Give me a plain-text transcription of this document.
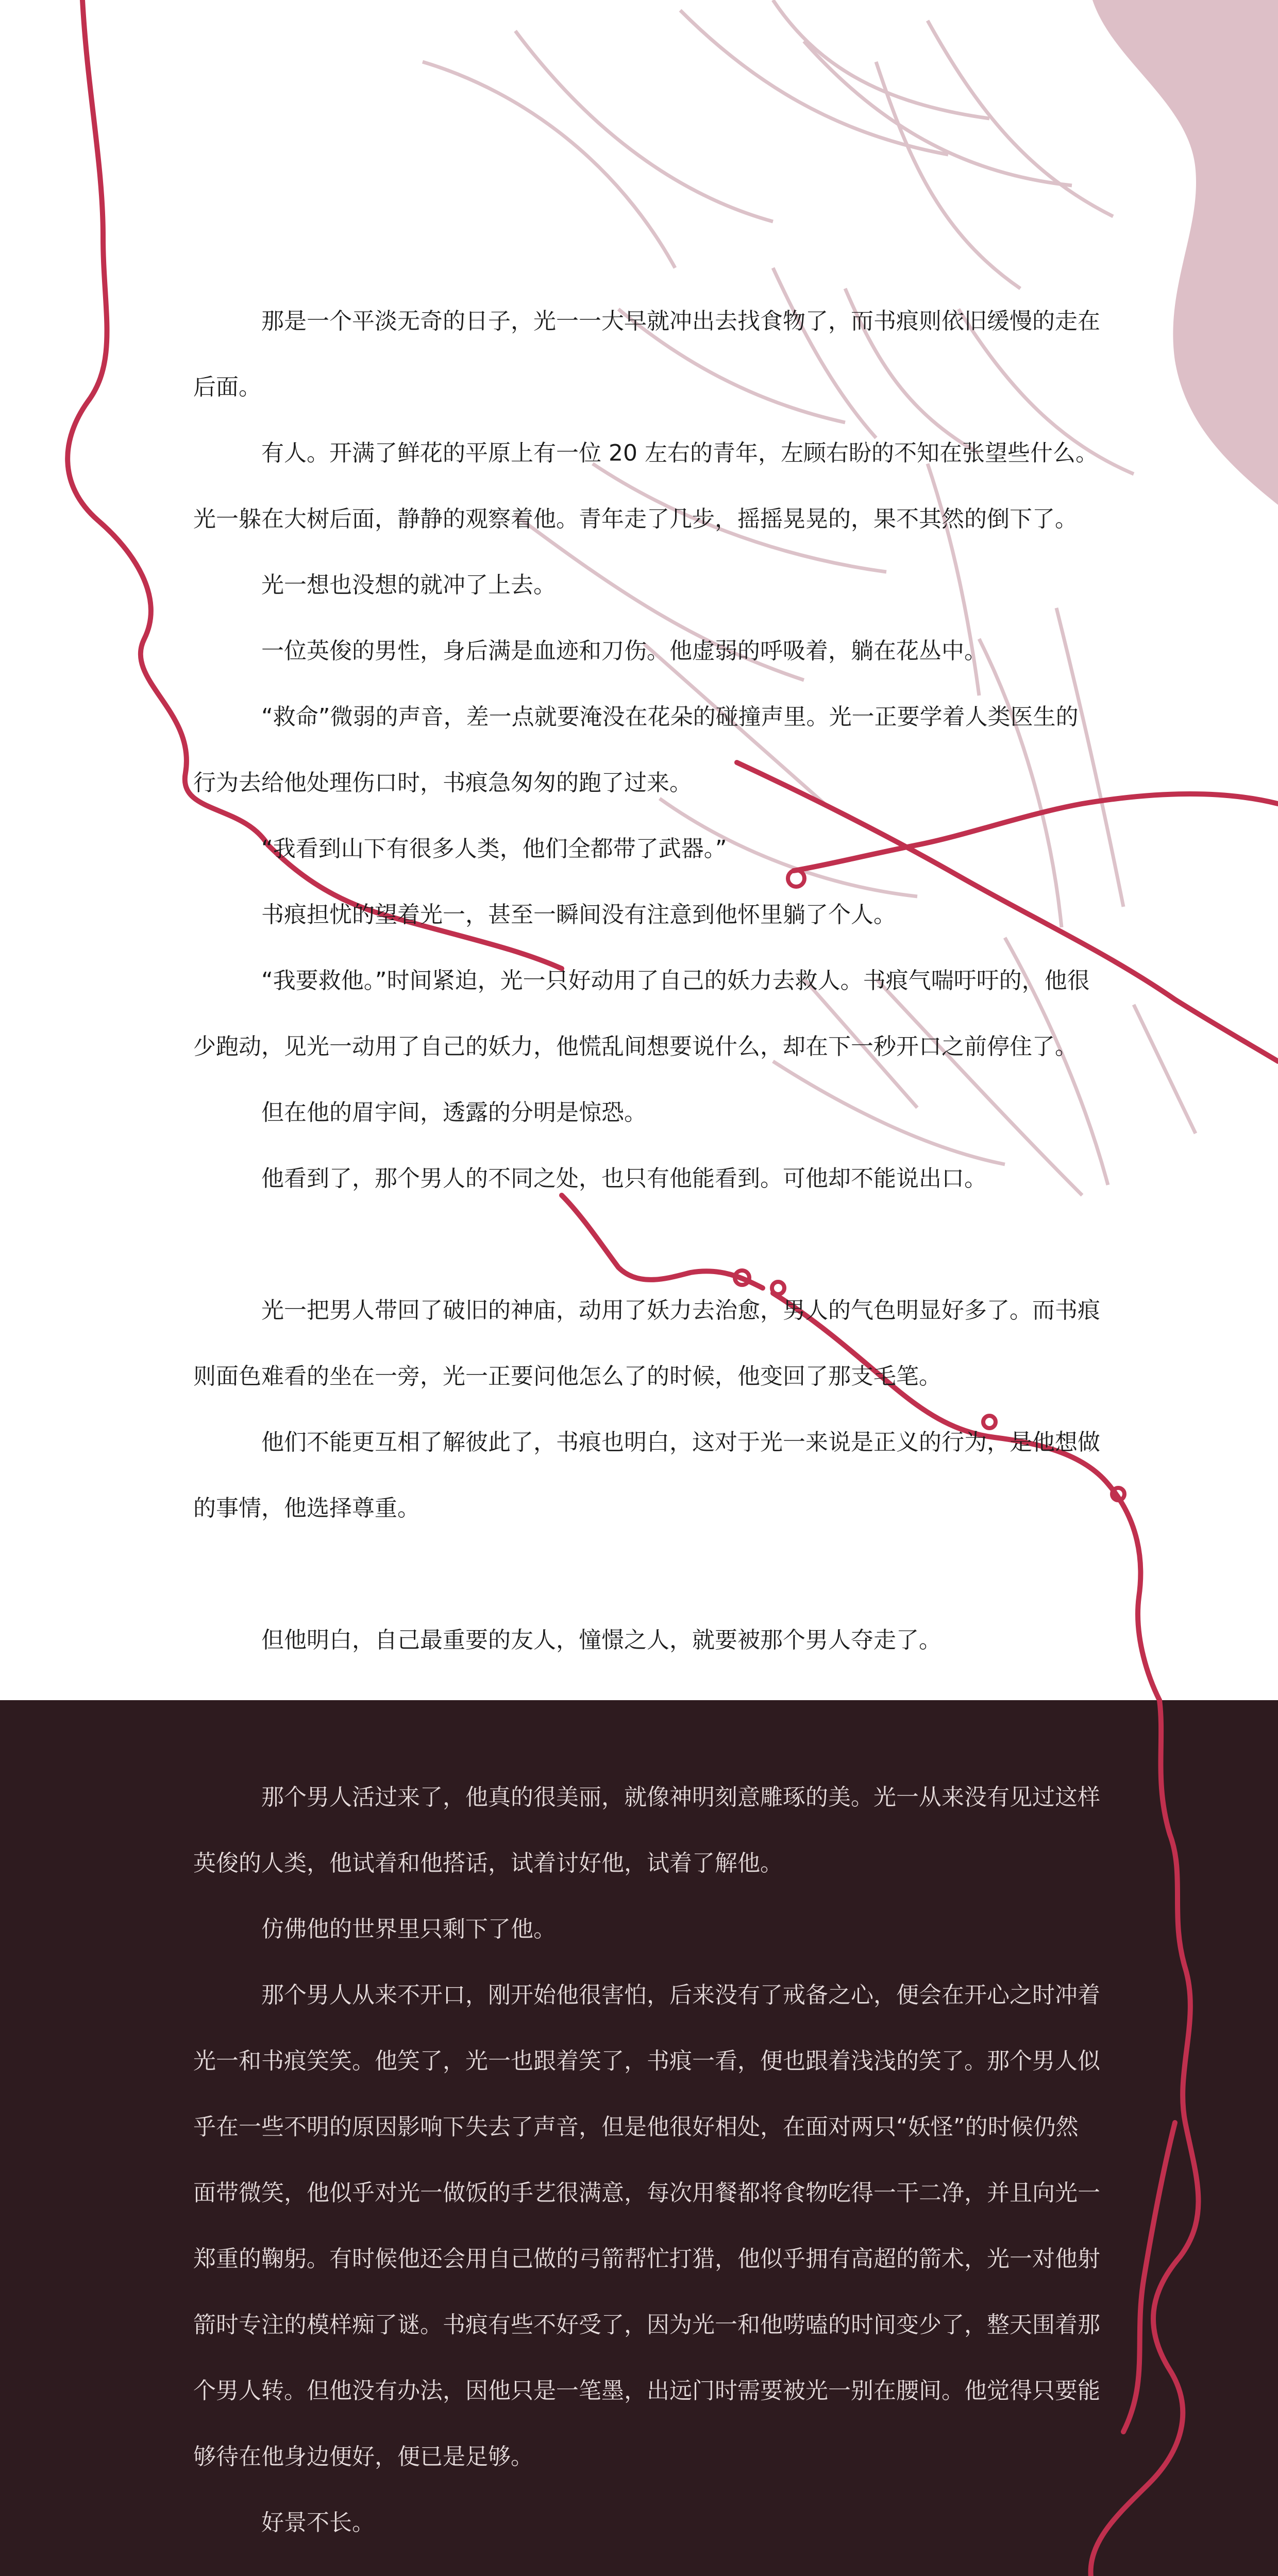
那是一个平淡无奇的日子，光一一大早就冲出去找食物了，而书痕则依旧缓慢的走在后面。

有人。开满了鲜花的平原上有一位 20 左右的青年，左顾右盼的不知在张望些什么。光一躲在大树后面，静静的观察着他。青年走了几步，摇摇晃晃的，果不其然的倒下了。

光一想也没想的就冲了上去。

一位英俊的男性，身后满是血迹和刀伤。他虚弱的呼吸着，躺在花丛中。

“救命”微弱的声音，差一点就要淹没在花朵的碰撞声里。光一正要学着人类医生的行为去给他处理伤口时，书痕急匆匆的跑了过来。

“我看到山下有很多人类，他们全都带了武器。”

书痕担忧的望着光一，甚至一瞬间没有注意到他怀里躺了个人。

“我要救他。”时间紧迫，光一只好动用了自己的妖力去救人。书痕气喘吁吁的，他很少跑动，见光一动用了自己的妖力，他慌乱间想要说什么，却在下一秒开口之前停住了。

但在他的眉宇间，透露的分明是惊恐。

他看到了，那个男人的不同之处，也只有他能看到。可他却不能说出口。

光一把男人带回了破旧的神庙，动用了妖力去治愈，男人的气色明显好多了。而书痕则面色难看的坐在一旁，光一正要问他怎么了的时候，他变回了那支毛笔。

他们不能更互相了解彼此了，书痕也明白，这对于光一来说是正义的行为，是他想做的事情，他选择尊重。

但他明白，自己最重要的友人，憧憬之人，就要被那个男人夺走了。

那个男人活过来了，他真的很美丽，就像神明刻意雕琢的美。光一从来没有见过这样英俊的人类，他试着和他搭话，试着讨好他，试着了解他。

仿佛他的世界里只剩下了他。

那个男人从来不开口，刚开始他很害怕，后来没有了戒备之心，便会在开心之时冲着光一和书痕笑笑。他笑了，光一也跟着笑了，书痕一看，便也跟着浅浅的笑了。那个男人似乎在一些不明的原因影响下失去了声音，但是他很好相处，在面对两只“妖怪”的时候仍然面带微笑，他似乎对光一做饭的手艺很满意，每次用餐都将食物吃得一干二净，并且向光一郑重的鞠躬。有时候他还会用自己做的弓箭帮忙打猎，他似乎拥有高超的箭术，光一对他射箭时专注的模样痴了谜。书痕有些不好受了，因为光一和他唠嗑的时间变少了，整天围着那个男人转。但他没有办法，因他只是一笔墨，出远门时需要被光一别在腰间。他觉得只要能够待在他身边便好，便已是足够。

好景不长。
